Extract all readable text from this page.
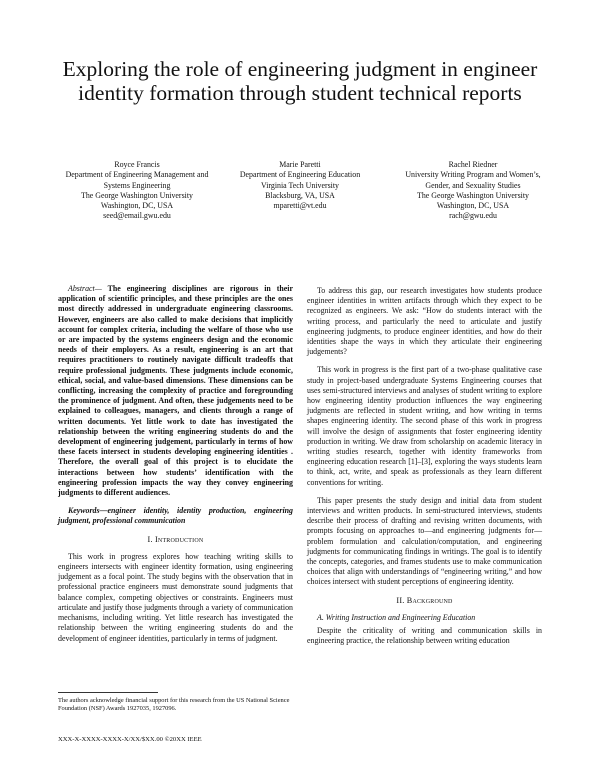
Exploring the role of engineering judgment in engineer identity formation through student technical reports
Royce Francis
Department of Engineering Management and
Systems Engineering
The George Washington University
Washington, DC, USA
seed@email.gwu.edu
Marie Paretti
Department of Engineering Education
Virginia Tech University
Blacksburg, VA, USA
mparetti@vt.edu
Rachel Riedner
University Writing Program and Women’s,
Gender, and Sexuality Studies
The George Washington University
Washington, DC, USA
rach@gwu.edu

Abstract— The engineering disciplines are rigorous in their application of scientific principles, and these principles are the ones most directly addressed in undergraduate engineering classrooms. However, engineers are also called to make decisions that implicitly account for complex criteria, including the welfare of those who use or are impacted by the systems engineers design and the economic needs of their employers. As a result, engineering is an art that requires practitioners to routinely navigate difficult tradeoffs that require professional judgments. These judgments include economic, ethical, social, and value-based dimensions. These dimensions can be conflicting, increasing the complexity of practice and foregrounding the prominence of judgment. And often, these judgements need to be explained to colleagues, managers, and clients through a range of written documents. Yet little work to date has investigated the relationship between the writing engineering students do and the development of engineering judgement, particularly in terms of how these facets intersect in students developing engineering identities . Therefore, the overall goal of this project is to elucidate the interactions between how students’ identification with the engineering profession impacts the way they convey engineering judgments to different audiences.

Keywords—engineer identity, identity production, engineering judgment, professional communication

I. Introduction

This work in progress explores how teaching writing skills to engineers intersects with engineer identity formation, using engineering judgement as a focal point. The study begins with the observation that in professional practice engineers must demonstrate sound judgments that balance complex, competing objectives or constraints. Engineers must articulate and justify those judgments through a variety of communication mechanisms, including writing. Yet little research has investigated the relationship between the writing engineering students do and the development of engineer identities, particularly in terms of judgment.

To address this gap, our research investigates how students produce engineer identities in written artifacts through which they expect to be recognized as engineers. We ask: “How do students interact with the writing process, and particularly the need to articulate and justify engineering judgments, to produce engineer identities, and how do their identities shape the ways in which they articulate their engineering judgements?

This work in progress is the first part of a two-phase qualitative case study in project-based undergraduate Systems Engineering courses that uses semi-structured interviews and analyses of student writing to explore how engineering identity production influences the way engineering judgments are reflected in student writing, and how writing in terms shapes engineering identity. The second phase of this work in progress will involve the design of assignments that foster engineering identity production in writing. We draw from scholarship on academic literacy in writing studies research, together with identity frameworks from engineering education research [1]–[3], exploring the ways students learn to think, act, write, and speak as professionals as they learn different conventions for writing.

This paper presents the study design and initial data from student interviews and written products. In semi-structured interviews, students describe their process of drafting and revising written documents, with prompts focusing on approaches to—and engineering judgments for—problem formulation and calculation/computation, and engineering judgments for communicating findings in writings. The goal is to identify the concepts, categories, and frames students use to make communication choices that align with understandings of “engineering writing,” and how choices intersect with student perceptions of engineering identity.

II. Background
A. Writing Instruction and Engineering Education

Despite the criticality of writing and communication skills in engineering practice, the relationship between writing education

The authors acknowledge financial support for this research from the US National Science Foundation (NSF) Awards 1927035, 1927096.
XXX-X-XXXX-XXXX-X/XX/$XX.00 ©20XX IEEE
